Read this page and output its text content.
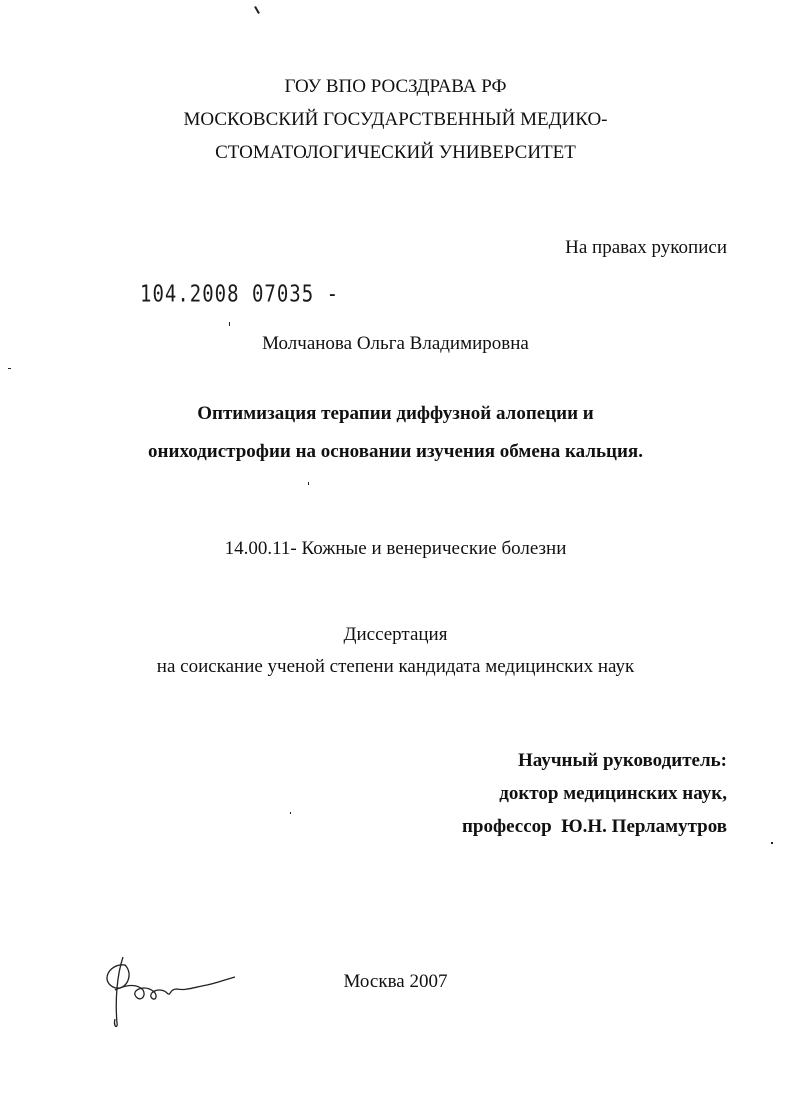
ГОУ ВПО РОСЗДРАВА РФ
МОСКОВСКИЙ ГОСУДАРСТВЕННЫЙ МЕДИКО-
СТОМАТОЛОГИЧЕСКИЙ УНИВЕРСИТЕТ
На правах рукописи
104.2008 07035 -
Молчанова Ольга Владимировна
Оптимизация терапии диффузной алопеции и
ониходистрофии на основании изучения обмена кальция.
14.00.11- Кожные и венерические болезни
Диссертация
на соискание ученой степени кандидата медицинских наук
Научный руководитель:
доктор медицинских наук,
профессор  Ю.Н. Перламутров
Москва 2007
